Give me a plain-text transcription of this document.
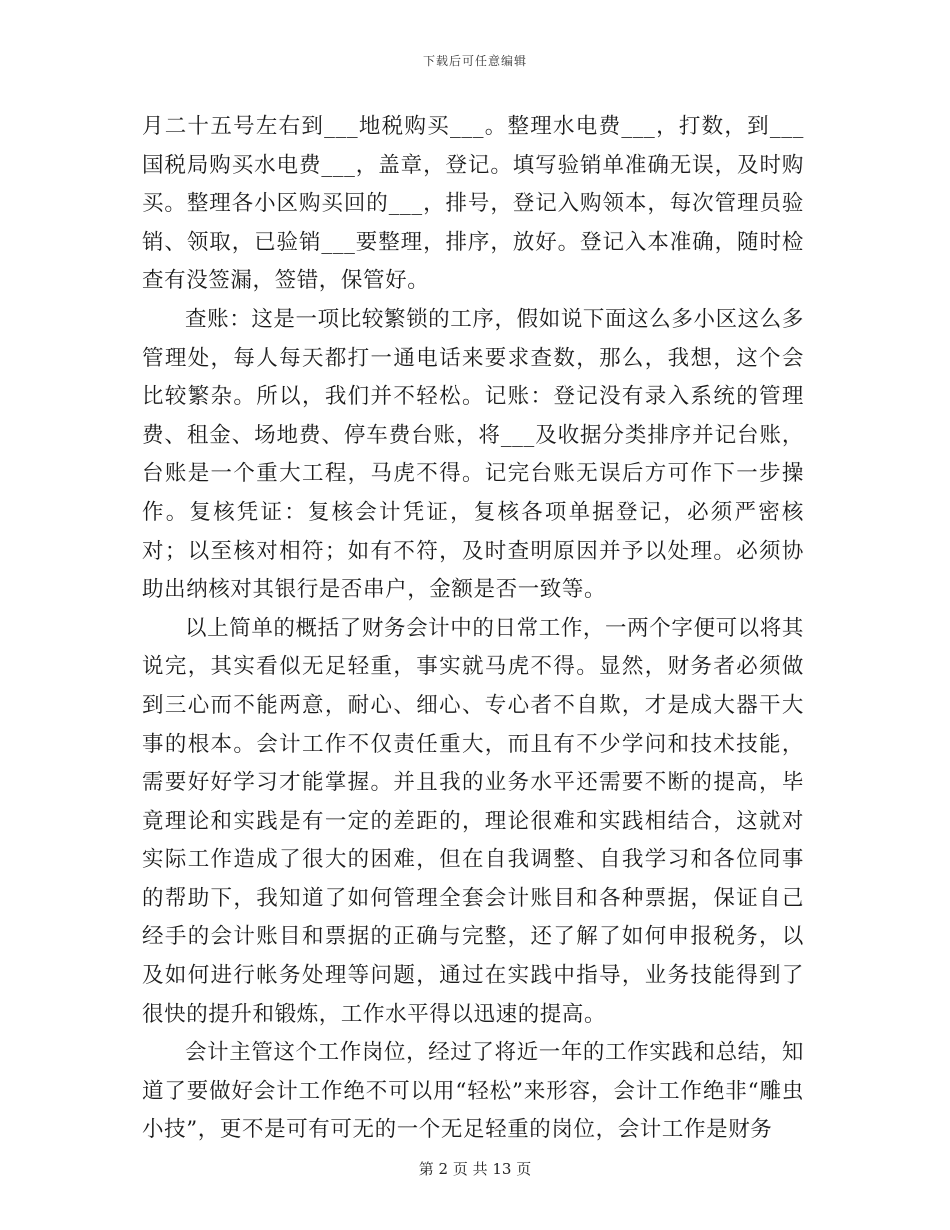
下载后可任意编辑

月二十五号左右到___地税购买___。整理水电费___，打数，到___国税局购买水电费___，盖章，登记。填写验销单准确无误，及时购买。整理各小区购买回的___，排号，登记入购领本，每次管理员验销、领取，已验销___要整理，排序，放好。登记入本准确，随时检查有没签漏，签错，保管好。

查账：这是一项比较繁锁的工序，假如说下面这么多小区这么多管理处，每人每天都打一通电话来要求查数，那么，我想，这个会比较繁杂。所以，我们并不轻松。记账：登记没有录入系统的管理费、租金、场地费、停车费台账，将___及收据分类排序并记台账，台账是一个重大工程，马虎不得。记完台账无误后方可作下一步操作。复核凭证：复核会计凭证，复核各项单据登记，必须严密核对；以至核对相符；如有不符，及时查明原因并予以处理。必须协助出纳核对其银行是否串户，金额是否一致等。

以上简单的概括了财务会计中的日常工作，一两个字便可以将其说完，其实看似无足轻重，事实就马虎不得。显然，财务者必须做到三心而不能两意，耐心、细心、专心者不自欺，才是成大器干大事的根本。会计工作不仅责任重大，而且有不少学问和技术技能，需要好好学习才能掌握。并且我的业务水平还需要不断的提高，毕竟理论和实践是有一定的差距的，理论很难和实践相结合，这就对实际工作造成了很大的困难，但在自我调整、自我学习和各位同事的帮助下，我知道了如何管理全套会计账目和各种票据，保证自己经手的会计账目和票据的正确与完整，还了解了如何申报税务，以及如何进行帐务处理等问题，通过在实践中指导，业务技能得到了很快的提升和锻炼，工作水平得以迅速的提高。

会计主管这个工作岗位，经过了将近一年的工作实践和总结，知道了要做好会计工作绝不可以用“轻松”来形容，会计工作绝非“雕虫小技”，更不是可有可无的一个无足轻重的岗位，会计工作是财务

第 2 页 共 13 页
